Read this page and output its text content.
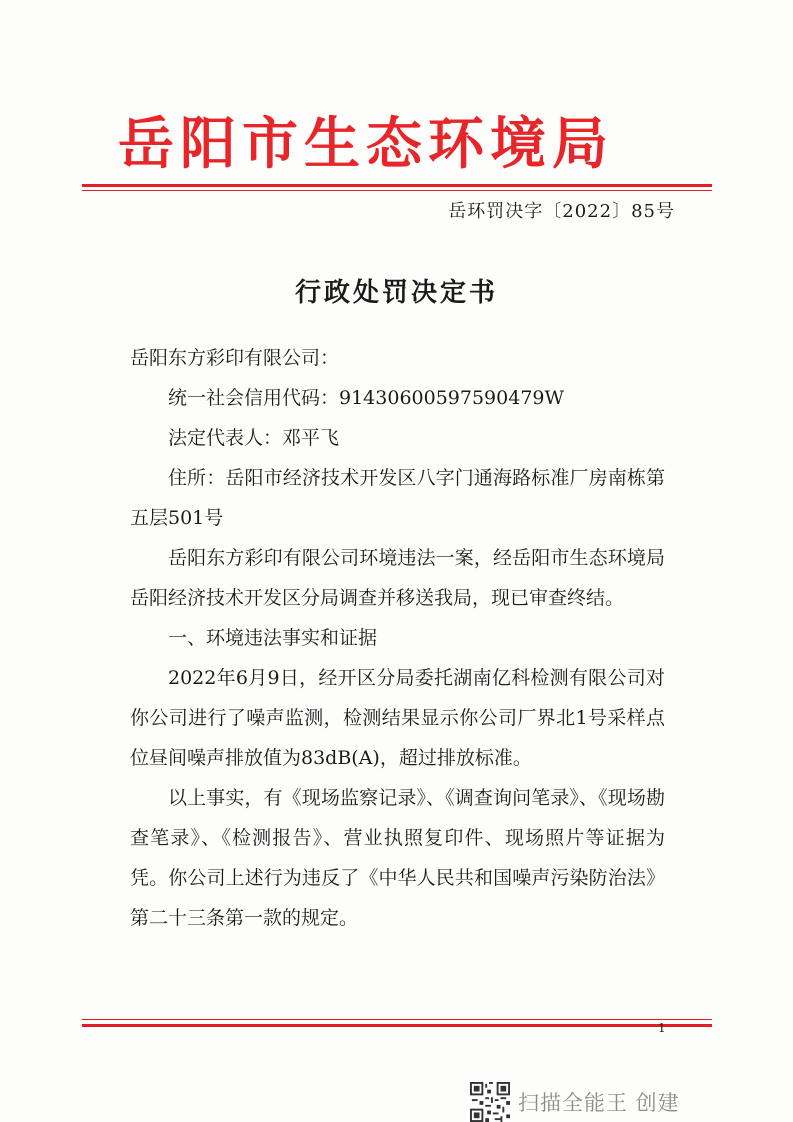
岳阳市生态环境局
岳环罚决字〔2022〕85号
行政处罚决定书

岳阳东方彩印有限公司：

统一社会信用代码：91430600597590479W

法定代表人：邓平飞

住所：岳阳市经济技术开发区八字门通海路标准厂房南栋第五层501号

岳阳东方彩印有限公司环境违法一案，经岳阳市生态环境局岳阳经济技术开发区分局调查并移送我局，现已审查终结。

一、环境违法事实和证据

2022年6月9日，经开区分局委托湖南亿科检测有限公司对你公司进行了噪声监测，检测结果显示你公司厂界北1号采样点位昼间噪声排放值为83dB(A)，超过排放标准。

以上事实，有《现场监察记录》、《调查询问笔录》、《现场勘查笔录》、《检测报告》、营业执照复印件、现场照片等证据为凭。你公司上述行为违反了《中华人民共和国噪声污染防治法》第二十三条第一款的规定。

1
扫描全能王 创建
